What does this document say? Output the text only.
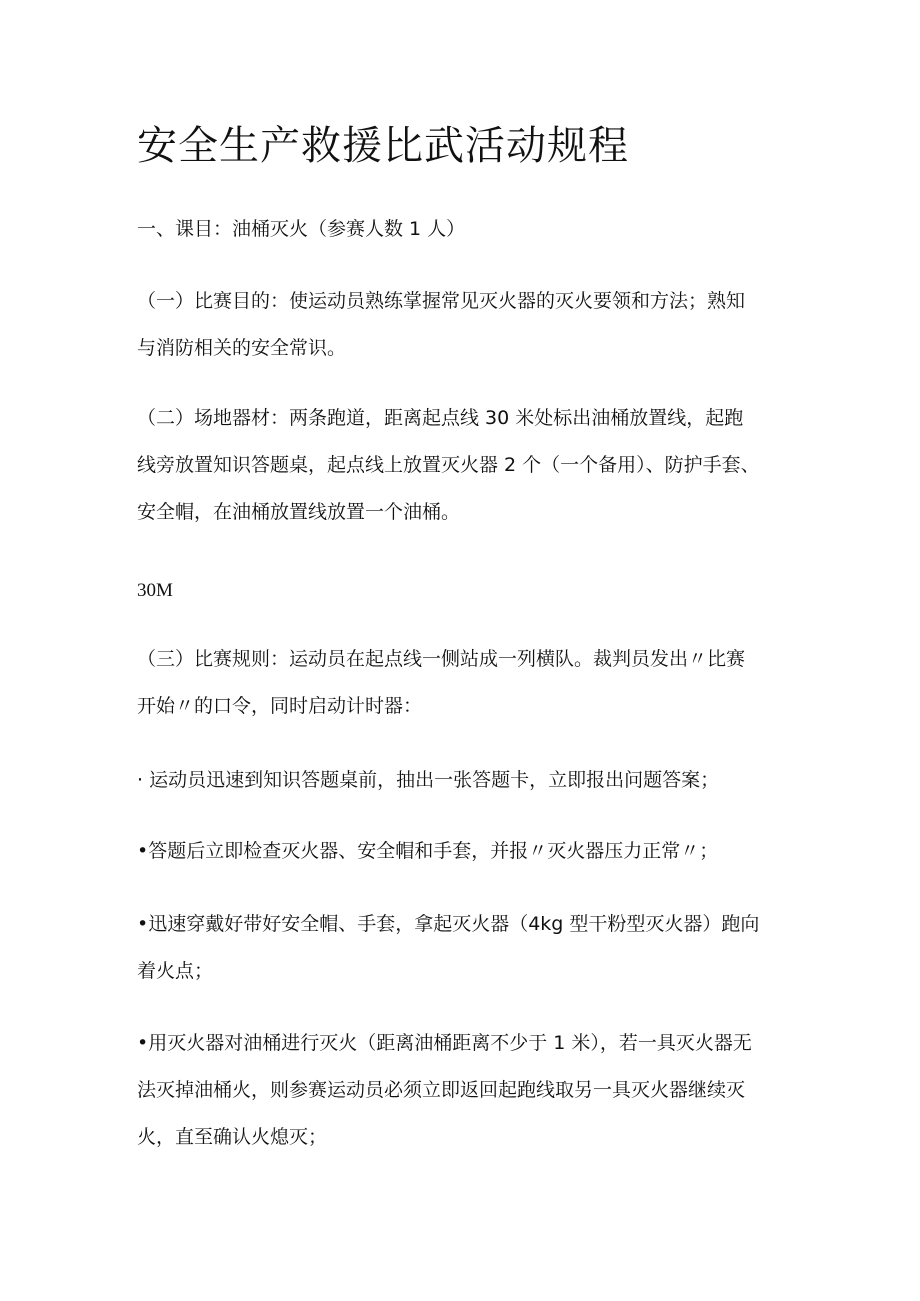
安全生产救援比武活动规程

一、课目：油桶灭火（参赛人数 1 人）

（一）比赛目的：使运动员熟练掌握常见灭火器的灭火要领和方法；熟知
与消防相关的安全常识。

（二）场地器材：两条跑道，距离起点线 30 米处标出油桶放置线，起跑
线旁放置知识答题桌，起点线上放置灭火器 2 个（一个备用）、防护手套、
安全帽，在油桶放置线放置一个油桶。

30M

（三）比赛规则：运动员在起点线一侧站成一列横队。裁判员发出〃比赛
开始〃的口令，同时启动计时器：

· 运动员迅速到知识答题桌前，抽出一张答题卡，立即报出问题答案；

•答题后立即检查灭火器、安全帽和手套，并报〃灭火器压力正常〃；

•迅速穿戴好带好安全帽、手套，拿起灭火器（4kg 型干粉型灭火器）跑向
着火点；

•用灭火器对油桶进行灭火（距离油桶距离不少于 1 米），若一具灭火器无
法灭掉油桶火，则参赛运动员必须立即返回起跑线取另一具灭火器继续灭
火，直至确认火熄灭；
